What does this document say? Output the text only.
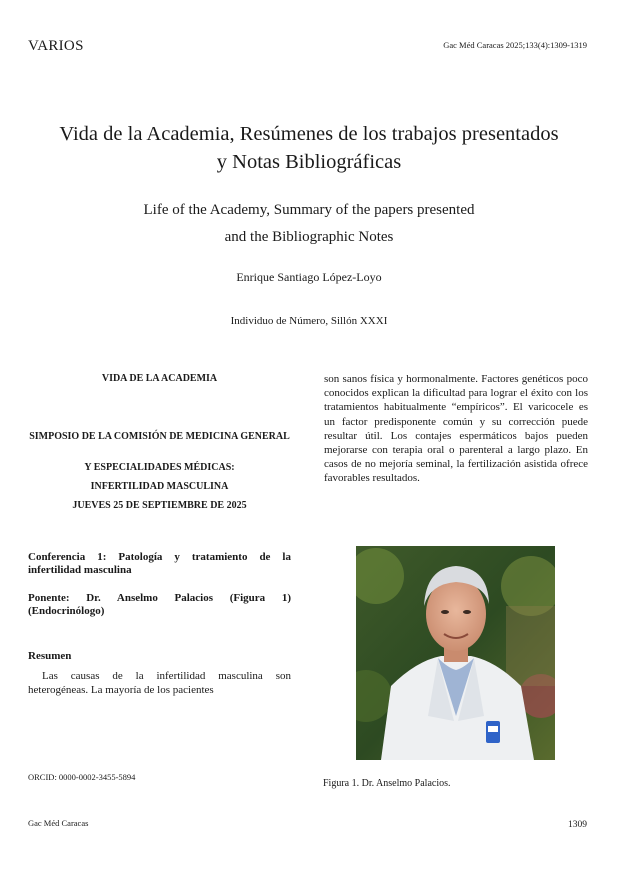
VARIOS	Gac Méd Caracas 2025;133(4):1309-1319
Vida de la Academia, Resúmenes de los trabajos presentados
y Notas Bibliográficas
Life of the Academy, Summary of the papers presented
and the Bibliographic Notes
Enrique Santiago López-Loyo
Individuo de Número, Sillón XXXI

VIDA DE LA ACADEMIA

SIMPOSIO DE LA COMISIÓN DE MEDICINA GENERAL

Y ESPECIALIDADES MÉDICAS:

INFERTILIDAD MASCULINA

JUEVES 25 DE SEPTIEMBRE DE 2025

Conferencia 1: Patología y tratamiento de la infertilidad masculina

Ponente: Dr. Anselmo Palacios (Figura 1) (Endocrinólogo)

Resumen

Las causas de la infertilidad masculina son heterogéneas. La mayoría de los pacientes

ORCID: 0000-0002-3455-5894

son sanos física y hormonalmente. Factores genéticos poco conocidos explican la dificultad para lograr el éxito con los tratamientos habitualmente “empíricos”. El varicocele es un factor predisponente común y su corrección puede resultar útil. Los contajes espermáticos bajos pueden mejorarse con terapia oral o parenteral a largo plazo. En casos de no mejoría seminal, la fertilización asistida ofrece favorables resultados.

Figura 1. Dr. Anselmo Palacios.
Gac Méd Caracas	1309
